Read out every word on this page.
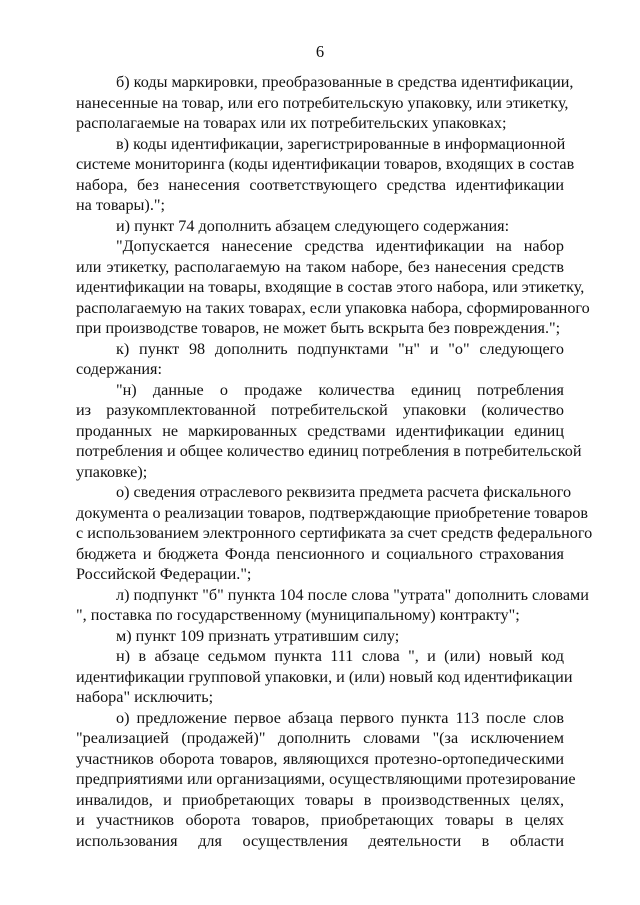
6
б) коды маркировки, преобразованные в средства идентификации,
нанесенные на товар, или его потребительскую упаковку, или этикетку,
располагаемые на товарах или их потребительских упаковках;
в) коды идентификации, зарегистрированные в информационной
системе мониторинга (коды идентификации товаров, входящих в состав
набора, без нанесения соответствующего средства идентификации
на товары).";
и) пункт 74 дополнить абзацем следующего содержания:
"Допускается нанесение средства идентификации на набор
или этикетку, располагаемую на таком наборе, без нанесения средств
идентификации на товары, входящие в состав этого набора, или этикетку,
располагаемую на таких товарах, если упаковка набора, сформированного
при производстве товаров, не может быть вскрыта без повреждения.";
к) пункт 98 дополнить подпунктами "н" и "о" следующего
содержания:
"н) данные о продаже количества единиц потребления
из разукомплектованной потребительской упаковки (количество
проданных не маркированных средствами идентификации единиц
потребления и общее количество единиц потребления в потребительской
упаковке);
о) сведения отраслевого реквизита предмета расчета фискального
документа о реализации товаров, подтверждающие приобретение товаров
с использованием электронного сертификата за счет средств федерального
бюджета и бюджета Фонда пенсионного и социального страхования
Российской Федерации.";
л) подпункт "б" пункта 104 после слова "утрата" дополнить словами
", поставка по государственному (муниципальному) контракту";
м) пункт 109 признать утратившим силу;
н) в абзаце седьмом пункта 111 слова ", и (или) новый код
идентификации групповой упаковки, и (или) новый код идентификации
набора" исключить;
о) предложение первое абзаца первого пункта 113 после слов
"реализацией (продажей)" дополнить словами "(за исключением
участников оборота товаров, являющихся протезно-ортопедическими
предприятиями или организациями, осуществляющими протезирование
инвалидов, и приобретающих товары в производственных целях,
и участников оборота товаров, приобретающих товары в целях
использования для осуществления деятельности в области
